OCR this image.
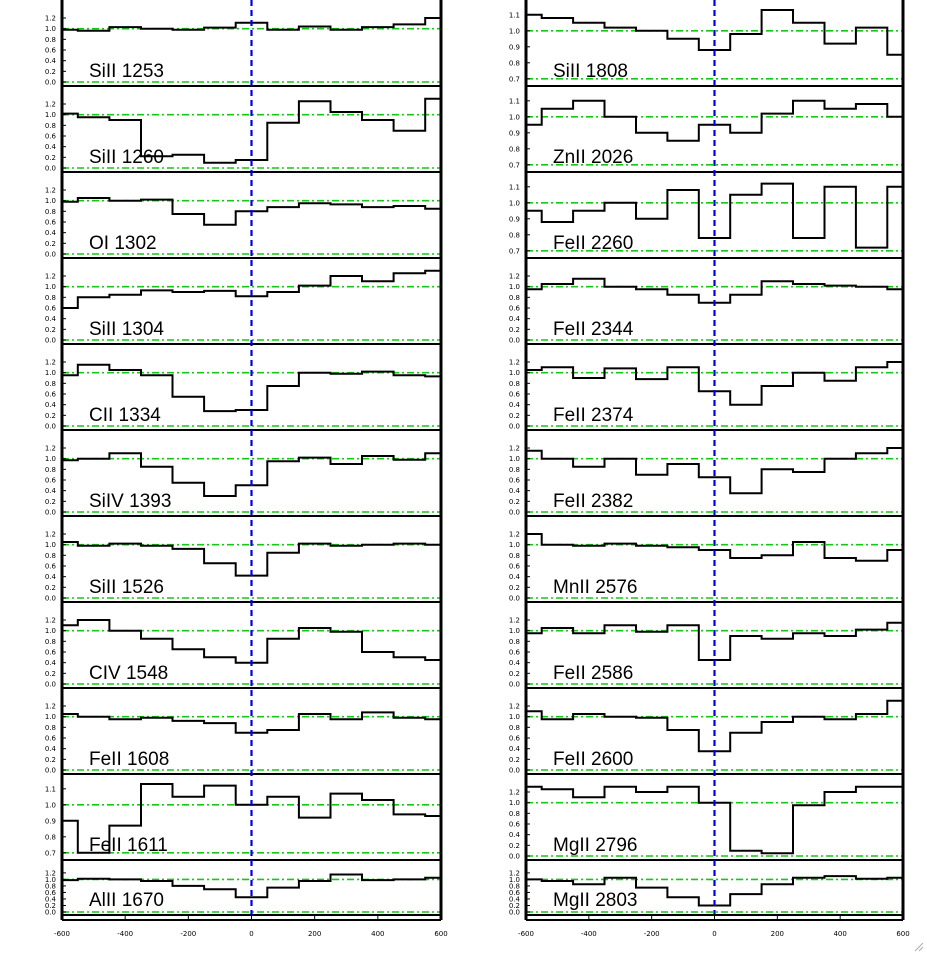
0.0
0.2
0.4
0.6
0.8
1.0
1.2
SiII 1253
0.0
0.2
0.4
0.6
0.8
1.0
1.2
SiII 1260
0.0
0.2
0.4
0.6
0.8
1.0
1.2
OI 1302
0.0
0.2
0.4
0.6
0.8
1.0
1.2
SiII 1304
0.0
0.2
0.4
0.6
0.8
1.0
1.2
CII 1334
0.0
0.2
0.4
0.6
0.8
1.0
1.2
SiIV 1393
0.0
0.2
0.4
0.6
0.8
1.0
1.2
SiII 1526
0.0
0.2
0.4
0.6
0.8
1.0
1.2
CIV 1548
0.0
0.2
0.4
0.6
0.8
1.0
1.2
FeII 1608
0.7
0.8
0.9
1.0
1.1
FeII 1611
0.0
0.2
0.4
0.6
0.8
1.0
1.2
AlII 1670
-600	-400	-200	0	200	400	600
0.7
0.8
0.9
1.0
1.1
SiII 1808
0.7
0.8
0.9
1.0
1.1
ZnII 2026
0.7
0.8
0.9
1.0
1.1
FeII 2260
0.0
0.2
0.4
0.6
0.8
1.0
1.2
FeII 2344
0.0
0.2
0.4
0.6
0.8
1.0
1.2
FeII 2374
0.0
0.2
0.4
0.6
0.8
1.0
1.2
FeII 2382
0.0
0.2
0.4
0.6
0.8
1.0
1.2
MnII 2576
0.0
0.2
0.4
0.6
0.8
1.0
1.2
FeII 2586
0.0
0.2
0.4
0.6
0.8
1.0
1.2
FeII 2600
0.0
0.2
0.4
0.6
0.8
1.0
1.2
MgII 2796
0.0
0.2
0.4
0.6
0.8
1.0
1.2
MgII 2803
-600	-400	-200	0	200	400	600
